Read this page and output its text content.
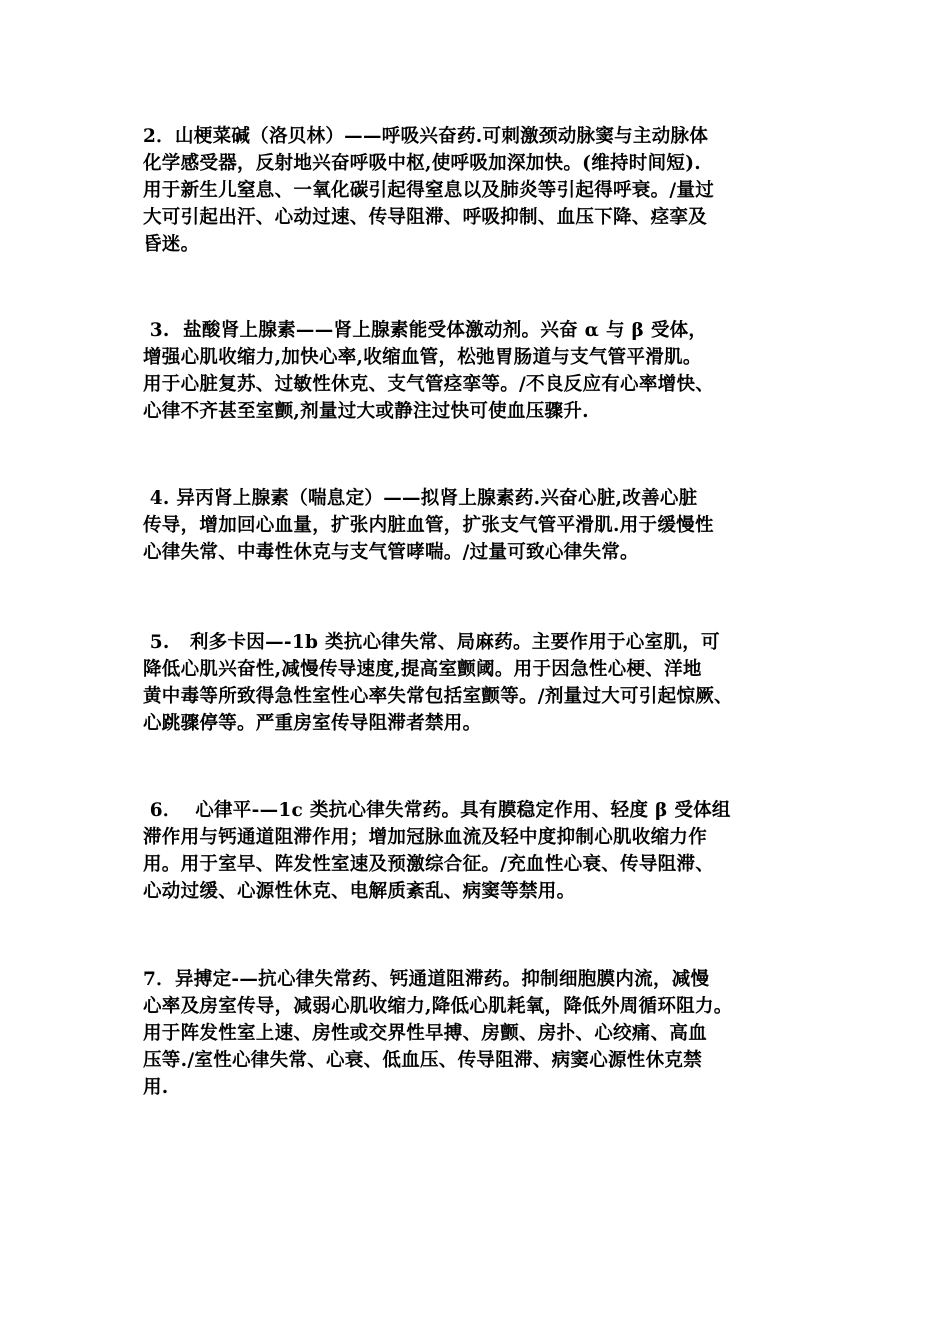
2．山梗菜碱（洛贝林）——呼吸兴奋药.可刺激颈动脉窦与主动脉体
化学感受器，反射地兴奋呼吸中枢,使呼吸加深加快。(维持时间短).
用于新生儿窒息、一氧化碳引起得窒息以及肺炎等引起得呼衰。/量过
大可引起出汗、心动过速、传导阻滞、呼吸抑制、血压下降、痉挛及
昏迷。
3.  盐酸肾上腺素——肾上腺素能受体激动剂。兴奋 α 与 β 受体，
增强心肌收缩力,加快心率,收缩血管，松弛胃肠道与支气管平滑肌。
用于心脏复苏、过敏性休克、支气管痉挛等。/不良反应有心率增快、
心律不齐甚至室颤,剂量过大或静注过快可使血压骤升.
4. 异丙肾上腺素（喘息定）——拟肾上腺素药.兴奋心脏,改善心脏
传导，增加回心血量，扩张内脏血管，扩张支气管平滑肌.用于缓慢性
心律失常、中毒性休克与支气管哮喘。/过量可致心律失常。
5.   利多卡因—-1b 类抗心律失常、局麻药。主要作用于心室肌，可
降低心肌兴奋性,减慢传导速度,提高室颤阈。用于因急性心梗、洋地
黄中毒等所致得急性室性心率失常包括室颤等。/剂量过大可引起惊厥、
心跳骤停等。严重房室传导阻滞者禁用。
6．  心律平-—1c 类抗心律失常药。具有膜稳定作用、轻度 β 受体组
滞作用与钙通道阻滞作用；增加冠脉血流及轻中度抑制心肌收缩力作
用。用于室早、阵发性室速及预激综合征。/充血性心衰、传导阻滞、
心动过缓、心源性休克、电解质紊乱、病窦等禁用。
7．异搏定-—抗心律失常药、钙通道阻滞药。抑制细胞膜内流，减慢
心率及房室传导，减弱心肌收缩力,降低心肌耗氧，降低外周循环阻力。
用于阵发性室上速、房性或交界性早搏、房颤、房扑、心绞痛、高血
压等./室性心律失常、心衰、低血压、传导阻滞、病窦心源性休克禁
用.
